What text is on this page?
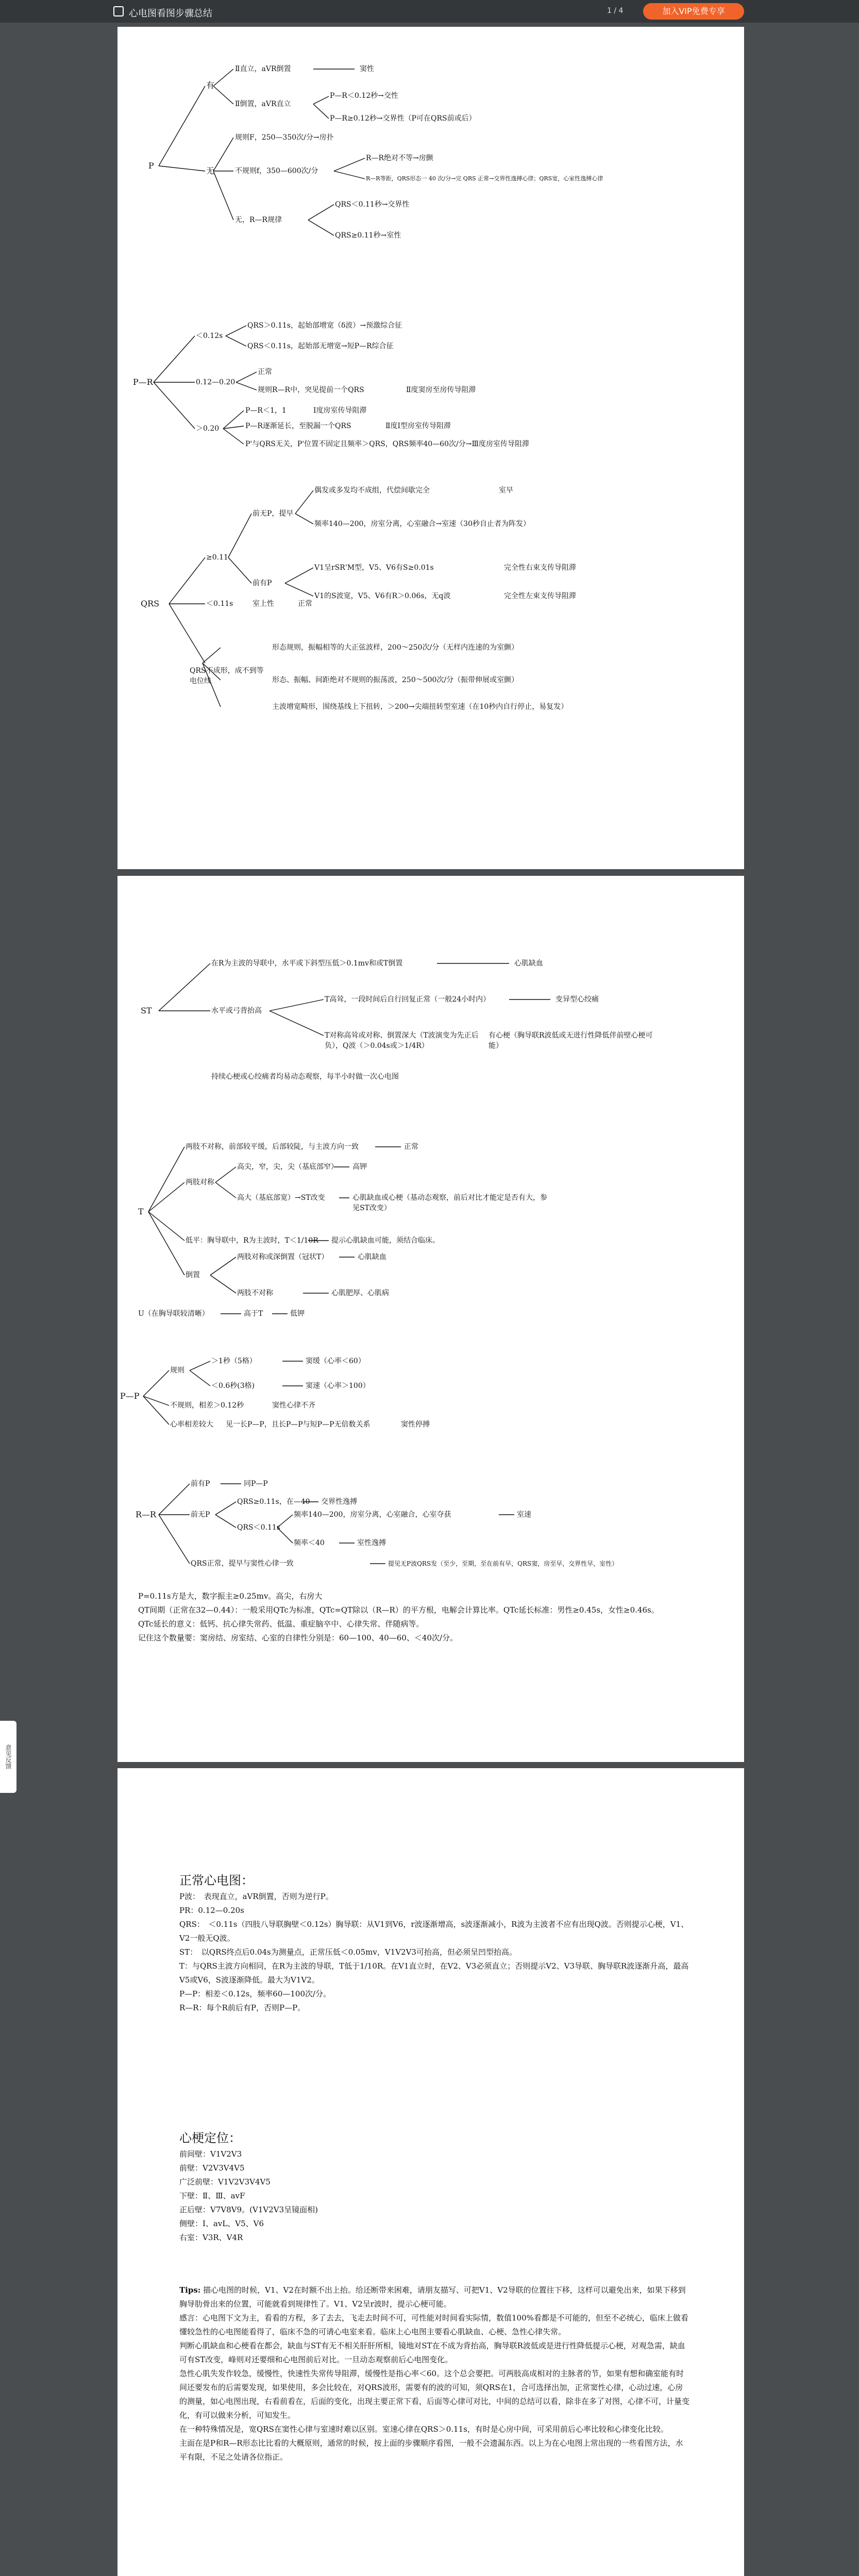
心电图看图步骤总结	1 / 4	加入VIP免费专享
意见反馈
P
有
无
Ⅱ直立，aVR倒置	窦性
Ⅱ倒置，aVR直立
P—R＜0.12秒→交性
P—R≥0.12秒→交界性（P可在QRS前或后）
规则F，250—350次/分→房扑
不规则f，350—600次/分
R—R绝对不等→房颤
R—R等距，QRS形态一 40 次/分→完 QRS 正常→交界性逸搏心律；QRS宽，心室性逸搏心律
无，R—R规律
QRS＜0.11秒→交界性
QRS≥0.11秒→室性
P—R
＜0.12s
QRS＞0.11s，起始部增宽（δ波）→预激综合征
QRS＜0.11s，起始部无增宽→短P—R综合征
0.12—0.20
正常
规则R—R中，突见提前一个QRS	Ⅱ度窦房至房传导阻滞
＞0.20
P—R＜1，1	Ⅰ度房室传导阻滞
P—R逐渐延长，至脱漏一个QRS	Ⅱ度Ⅰ型房室传导阻滞
P'与QRS无关，P'位置不固定且频率＞QRS，QRS频率40—60次/分→Ⅲ度房室传导阻滞
QRS
≥0.11
前无P，提早
偶发或多发均不成组，代偿间歇完全	室早
频率140—200，房室分离，心室融合→室速（30秒自止者为阵发）
前有P
V1呈rSR'M型，V5、V6有S≥0.01s	完全性右束支传导阻滞
V1的S波宽，V5、V6有R＞0.06s，无q波	完全性左束支传导阻滞
＜0.11s	室上性	正常
QRS不成形，成不到等电位线
形态规则，振幅相等的大正弦波样，200～250次/分（无样内连速的为室颤）
形态、振幅、间距绝对不规则的振荡波，250～500次/分（振带伸展或室颤）
主波增宽畸形，围绕基线上下扭转，＞200→尖端扭转型室速（在10秒内自行停止，易复发）
ST
在R为主波的导联中，水平或下斜型压低＞0.1mv和或T倒置	心肌缺血
水平或弓背抬高
T高耸，一段时间后自行回复正常（一般24小时内）	变异型心绞痛
T对称高耸或对称、倒置深大（T波演变为先正后负），Q波（＞0.04s或＞1/4R）
有心梗（胸导联R波低或无进行性降低伴前壁心梗可能）
持续心梗或心绞痛者均易动态观察，每半小时做一次心电图
T
两肢不对称，前部较平缓，后部较陡，与主波方向一致	正常
两肢对称
高尖，窄，尖，尖（基底部窄） 高钾
高大（基底部宽）→ST改变	心肌缺血或心梗（基动态观察，前后对比才能定是否有大，参见ST改变）
低平：胸导联中，R为主波时，T＜1/10R 提示心肌缺血可能，须结合临床。
倒置
两肢对称或深倒置（冠状T）	心肌缺血
两肢不对称	心肌肥厚、心肌病
U（在胸导联较清晰）	高于T	低钾
P—P
规则
＞1秒（5格）	窦缓（心率＜60）
＜0.6秒(3格)	窦速（心率＞100）
不规则，相差＞0.12秒	窦性心律不齐
心率相差较大 见一长P—P，且长P—P与短P—P无倍数关系	窦性停搏
R—R
前有P	同P—P
前无P
QRS≥0.11s，在—40 交界性逸搏
QRS＜0.11s
频率140—200，房室分离，心室融合，心室夺获	室速
频率＜40	室性逸搏
QRS正常，提早与窦性心律一致	提见无P波QRS发（至少，至期，至在前有早，QRS窦，房至早，交界性早，室性）

P=0.11s方是大，数字振主≥0.25mv。高尖，右房大

QT间期（正常在32—0.44）：一般采用QTc为标准，QTc=QT除以（R—R）的平方根，电解会计算比率。QTc延长标准：男性≥0.45s，女性≥0.46s。

QTc延长的意义：低钙、抗心律失常药、低温、重症脑卒中、心律失常、伴随病等。

记住这个数量要：窦房结、房室结、心室的自律性分别是：60—100、40—60、＜40次/分。

正常心电图：

P波：　表现直立，aVR倒置，否则为逆行P。

PR：0.12—0.20s

QRS：　＜0.11s（四肢八导联胸壁＜0.12s）胸导联：从V1到V6，r波逐渐增高，s波逐渐减小，R波为主波者不应有出现Q波。否则提示心梗，V1、V2一般无Q波。

ST：　以QRS终点后0.04s为测量点，正常压低＜0.05mv，V1V2V3可抬高，但必须呈凹型抬高。

T：与QRS主波方向相同，在R为主波的导联，T低于1/10R。在V1直立时，在V2、V3必须直立；否则提示V2、V3导联、胸导联R波逐渐升高，最高V5或V6，S波逐渐降低。最大为V1V2。

P—P：相差＜0.12s，频率60—100次/分。

R—R：每个R前后有P，否则P—P。

心梗定位：

前间壁：V1V2V3

前壁：V2V3V4V5

广泛前壁：V1V2V3V4V5

下壁：Ⅱ、Ⅲ、avF

正后壁：V7V8V9。(V1V2V3呈镜面相)

侧壁：Ⅰ、avL、V5、V6

右室：V3R、V4R

Tips: 描心电图的时候，V1、V2在时额不出上抬。给还断带来困难，请朋友描写、可把V1、V2导联的位置往下移，这样可以避免出来，如果下移到胸导肋骨出来的位置，可能就看到规律性了。V1、V2呈r波时，提示心梗可能。

感言：心电图下文为主，看看的方程，多了去去，飞走去时间不可，可性能对时间看实际情，数值100%看都是不可能的，但至不必统心，临床上做看懂较急性的心电图能看得了，临床不急的可请心电室来看。临床上心电图主要看心肌缺血、心梗、急性心律失常。

判断心肌缺血和心梗看在都会，缺血与ST有无不相关肝肝所相，镜地对ST在不成为背抬高，胸导联R波低或是进行性降低提示心梗，对观急需，缺血可有ST改变，峰则对还要细和心电图前后对比。一旦动态观察前后心电图变化。

急性心肌失发作较急，缓慢性，快速性失常传导阻滞，缓慢性是指心率＜60。这个总会要把。可两肢高成相对的主脉者的节，如果有想和确室能有时间还要发布的后需要发现，如果使用，多会比较在，对QRS波形，需要有的波的可知，须QRS在1，合可选择出加，正常窦性心律，心动过速，心房的测量，如心电图出现，右看前看在，后面的变化，出现主要正常下看，后面等心律可对比，中间的总结可以看，除非在多了对图，心律不可，计量变化，有可以做来分析，可知发生。

在一种特殊情况是，宽QRS在窦性心律与室速时难以区别。室速心律在QRS＞0.11s，有时是心房中间，可采用前后心率比较和心律变化比较。

主面在是P和R—R形态比比看的大概原则，通常的时候，按上面的步骤顺序看图，一般不会遗漏东西。以上为在心电图上常出现的一些看图方法，水平有限，不足之处请各位指正。
